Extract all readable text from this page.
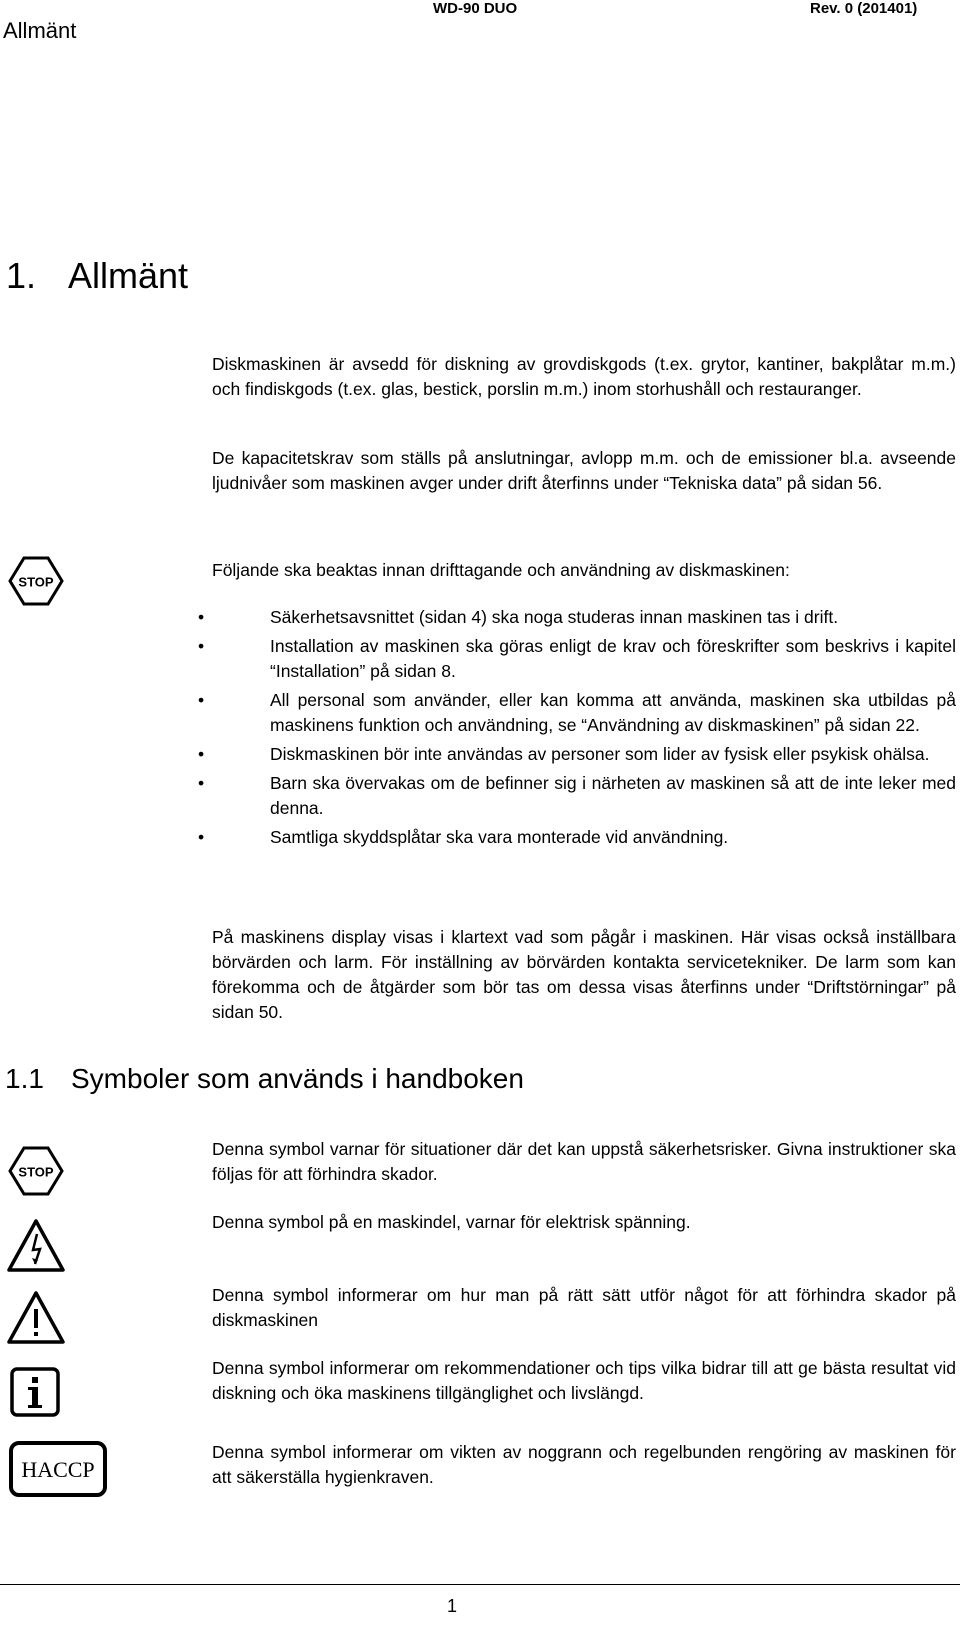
Allmänt
WD-90 DUO	Rev. 0 (201401)
1. Allmänt
Diskmaskinen är avsedd för diskning av grovdiskgods (t.ex. grytor, kantiner, bakplåtar m.m.) och findiskgods (t.ex. glas, bestick, porslin m.m.) inom storhushåll och restauranger.
De kapacitetskrav som ställs på anslutningar, avlopp m.m. och de emissioner bl.a. avseende ljudnivåer som maskinen avger under drift återfinns under “Tekniska data” på sidan 56.
STOP
Följande ska beaktas innan drifttagande och användning av diskmaskinen:
•	Säkerhetsavsnittet (sidan 4) ska noga studeras innan maskinen tas i drift.
•	Installation av maskinen ska göras enligt de krav och föreskrifter som beskrivs i kapitel “Installation” på sidan 8.
•	All personal som använder, eller kan komma att använda, maskinen ska utbildas på maskinens funktion och användning, se “Användning av diskmaskinen” på sidan 22.
•	Diskmaskinen bör inte användas av personer som lider av fysisk eller psykisk ohälsa.
•	Barn ska övervakas om de befinner sig i närheten av maskinen så att de inte leker med denna.
•	Samtliga skyddsplåtar ska vara monterade vid användning.
På maskinens display visas i klartext vad som pågår i maskinen. Här visas också inställbara börvärden och larm. För inställning av börvärden kontakta servicetekniker. De larm som kan förekomma och de åtgärder som bör tas om dessa visas återfinns under “Driftstörningar” på sidan 50.
1.1 Symboler som används i handboken
STOP
Denna symbol varnar för situationer där det kan uppstå säkerhetsrisker. Givna instruktioner ska följas för att förhindra skador.
Denna symbol på en maskindel, varnar för elektrisk spänning.
Denna symbol informerar om hur man på rätt sätt utför något för att förhindra skador på diskmaskinen
Denna symbol informerar om rekommendationer och tips vilka bidrar till att ge bästa resultat vid diskning och öka maskinens tillgänglighet och livslängd.
HACCP
Denna symbol informerar om vikten av noggrann och regelbunden rengöring av maskinen för att säkerställa hygienkraven.
1
